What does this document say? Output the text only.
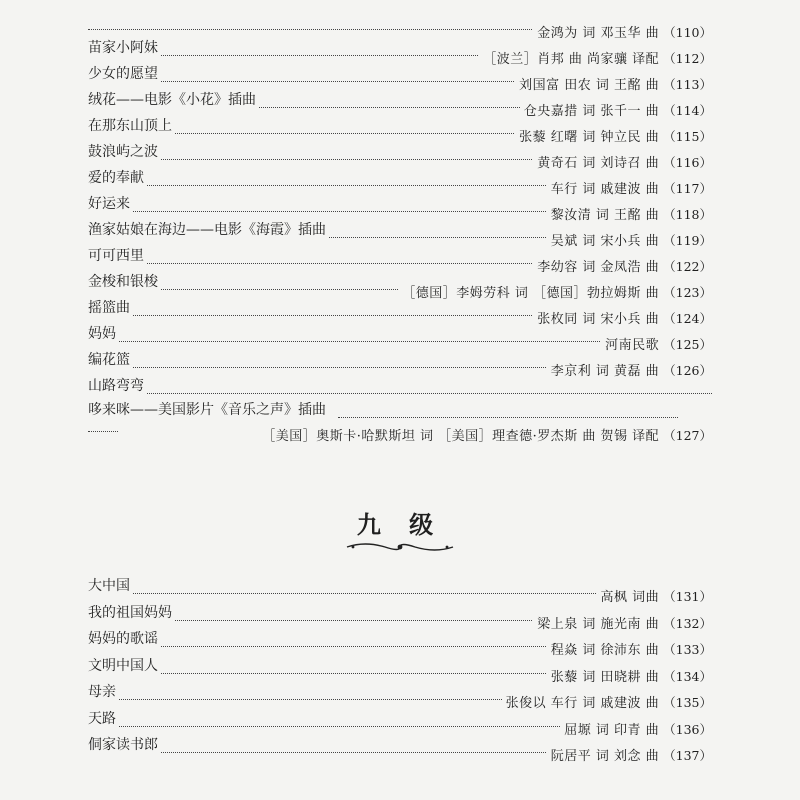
金鸿为 词 邓玉华 曲 （110）
苗家小阿妹
［波兰］肖邦 曲 尚家骧 译配 （112）
少女的愿望
刘国富 田农 词 王酩 曲 （113）
绒花——电影《小花》插曲
仓央嘉措 词 张千一 曲 （114）
在那东山顶上
张藜 红曙 词 钟立民 曲 （115）
鼓浪屿之波
黄奇石 词 刘诗召 曲 （116）
爱的奉献
车行 词 戚建波 曲 （117）
好运来
黎汝清 词 王酩 曲 （118）
渔家姑娘在海边——电影《海霞》插曲
吴斌 词 宋小兵 曲 （119）
可可西里
李幼容 词 金凤浩 曲 （122）
金梭和银梭
［德国］李姆劳科 词 ［德国］勃拉姆斯 曲 （123）
摇篮曲
张枚同 词 宋小兵 曲 （124）
妈妈
河南民歌 （125）
编花篮
李京利 词 黄磊 曲 （126）
山路弯弯
哆来咪——美国影片《音乐之声》插曲
［美国］奥斯卡·哈默斯坦 词 ［美国］理查德·罗杰斯 曲 贺锡 译配 （127）
九 级
大中国
高枫 词曲 （131）
我的祖国妈妈
梁上泉 词 施光南 曲 （132）
妈妈的歌谣
程焱 词 徐沛东 曲 （133）
文明中国人
张藜 词 田晓耕 曲 （134）
母亲
张俊以 车行 词 戚建波 曲 （135）
天路
屈塬 词 印青 曲 （136）
侗家读书郎
阮居平 词 刘念 曲 （137）
